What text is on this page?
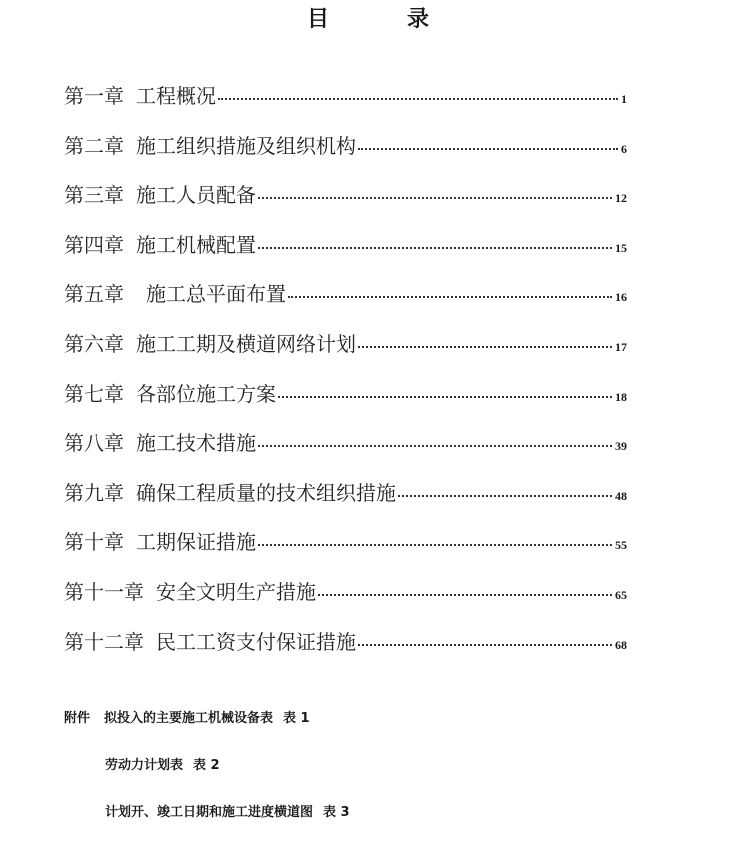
目　录
第一章 工程概况	1
第二章 施工组织措施及组织机构	6
第三章 施工人员配备	12
第四章 施工机械配置	15
第五章 施工总平面布置	16
第六章 施工工期及横道网络计划	17
第七章 各部位施工方案	18
第八章 施工技术措施	39
第九章 确保工程质量的技术组织措施	48
第十章 工期保证措施	55
第十一章 安全文明生产措施	65
第十二章 民工工资支付保证措施	68
附件 拟投入的主要施工机械设备表 表 1
劳动力计划表 表 2
计划开、竣工日期和施工进度横道图 表 3
